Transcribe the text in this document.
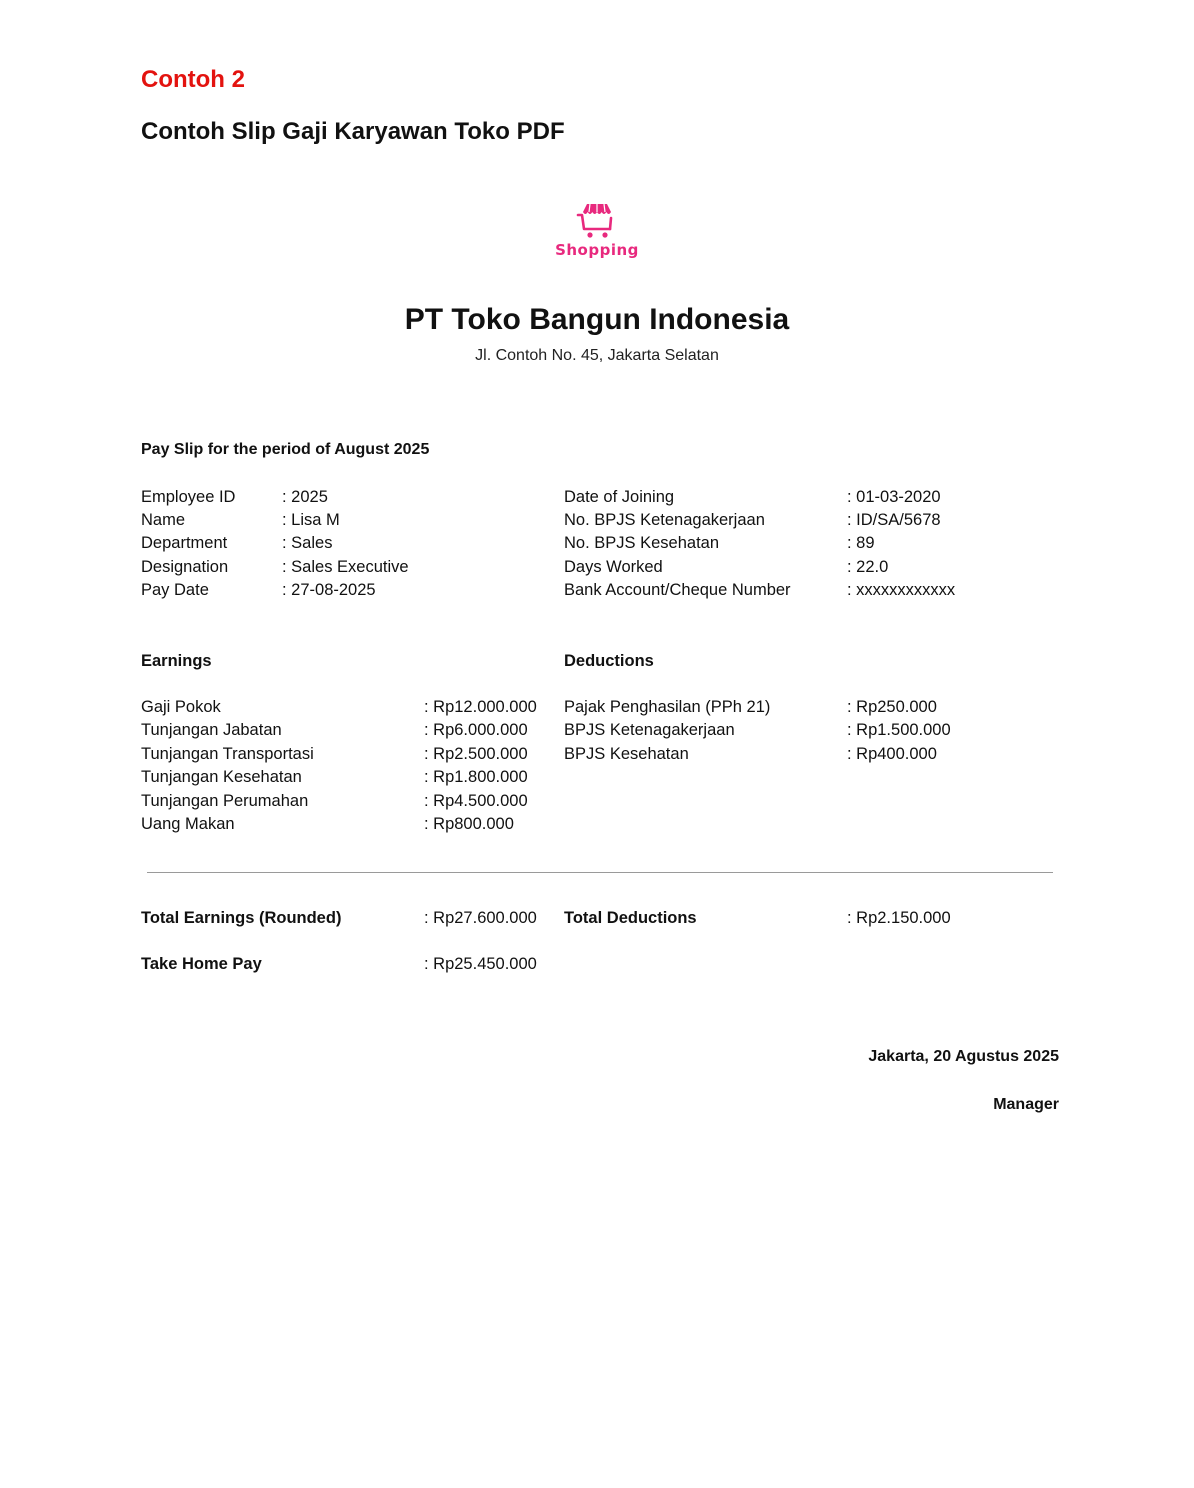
Contoh 2
Contoh Slip Gaji Karyawan Toko PDF
Shopping
PT Toko Bangun Indonesia
Jl. Contoh No. 45, Jakarta Selatan
Pay Slip for the period of August 2025
Employee ID	: 2025
Name	: Lisa M
Department	: Sales
Designation	: Sales Executive
Pay Date	: 27-08-2025
Date of Joining	: 01-03-2020
No. BPJS Ketenagakerjaan	: ID/SA/5678
No. BPJS Kesehatan	: 89
Days Worked	: 22.0
Bank Account/Cheque Number	: xxxxxxxxxxxx
Earnings	Deductions
Gaji Pokok	: Rp12.000.000
Tunjangan Jabatan	: Rp6.000.000
Tunjangan Transportasi	: Rp2.500.000
Tunjangan Kesehatan	: Rp1.800.000
Tunjangan Perumahan	: Rp4.500.000
Uang Makan	: Rp800.000
Pajak Penghasilan (PPh 21)	: Rp250.000
BPJS Ketenagakerjaan	: Rp1.500.000
BPJS Kesehatan	: Rp400.000
Total Earnings (Rounded)	: Rp27.600.000 Total Deductions	: Rp2.150.000
Take Home Pay	: Rp25.450.000
Jakarta, 20 Agustus 2025
Manager
